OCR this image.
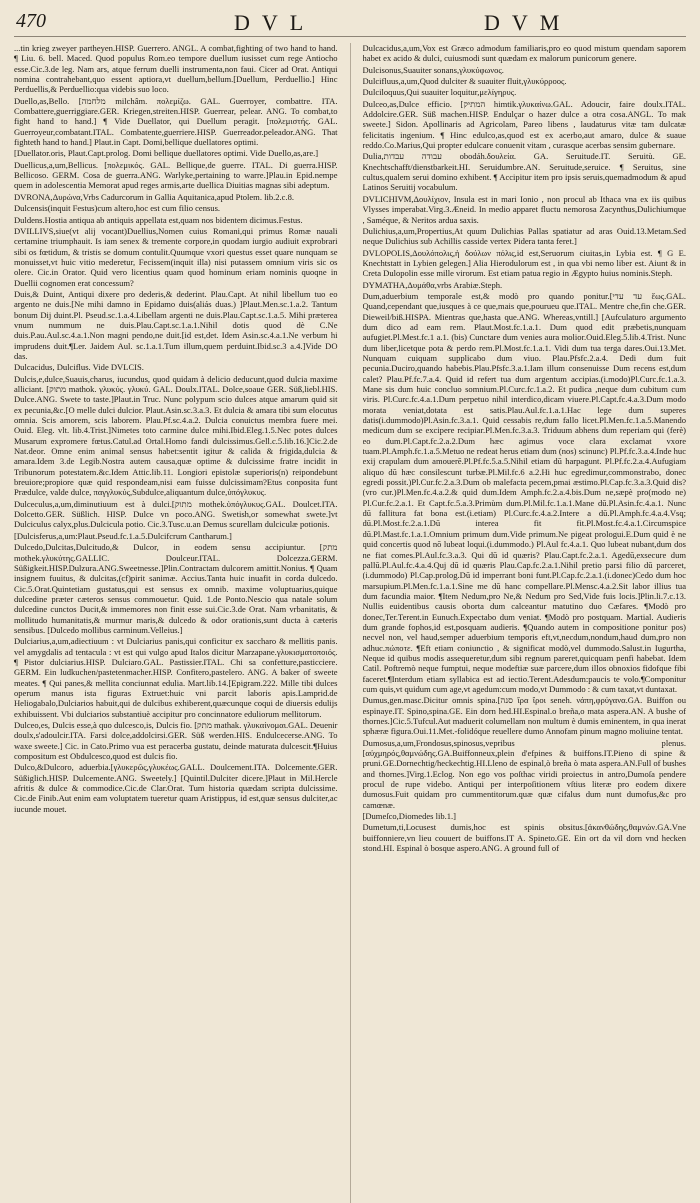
470	DVL	DVM

...tin krieg zweyer partheyen.HISP. Guerrero. ANGL. A combat,fighting of two hand to hand. ¶ Liu. 6. bell. Maced. Quod populus Rom.eo tempore duellum iusisset cum rege Antiocho esse.Cic.3.de leg. Nam ars, atque ferrum duelli instrumenta,non faui. Cicer ad Orat. Antiqui nomina contrahebant,quo essent aptiora,vt duellum,bellum.[Duellum, Perduellio.] Hinc Perduellis,& Perduellio:qua videbis suo loco.

Duello,as,Bello. [מלחמה milchâm. πολεμίζω. GAL. Guerroyer, combattre. ITA. Combattere,guerriggiare.GER. Kriegen,streiten.HISP. Guerrear, pelear. ANG. To combat,to fight hand to hand.] ¶ Vide Duellator, qui Duellum peragit. [πολεμιστής. GAL. Guerroyeur,combatant.ITAL. Combatente,guerriere.HISP. Guerreador.peleador.ANG. That fighteth hand to hand.] Plaut.in Capt. Domi,bellique duellatores optimi.

[Duellator.oris, Plaut.Capt.prolog. Domi bellique duellatores optimi. Vide Duello,as,are.]

Duellicus,a,um,Bellicus. [πολεμικός. GAL. Bellique,de guerre. ITAL. Di guerra.HISP. Bellicoso. GERM. Cosa de guerra.ANG. Warlyke,pertaining to warre.]Plau.in Epid.nempe quem in adolescentia Memorat apud reges armis,arte duellica Diuitias magnas sibi adeptum.

DVRONA,Δυρώνα,Vrbs Cadurcorum in Gallia Aquitanica,apud Ptolem. lib.2.c.8.

Dulcensis(inquit Festus)cum altero,hoc est cum filio census.

Duldens.Hostia antiqua ab antiquis appellata est,quam nos bidentem dicimus.Festus.

DVILLIVS,siue(vt alij vocant)Duellius,Nomen cuius Romani,qui primus Romæ nauali certamine triumphauit. Is iam senex & tremente corpore,in quodam iurgio audiuit exprobrari sibi os fœtidum, & tristis se domum contulit.Quumque vxori questus esset quare nunquam se monuisset,vt huic vitio mederetur, Fecissem(inquit illa) nisi putassem omnium viris sic os olere. Cic.in Orator. Quid vero licentius quam quod hominum eriam nominis quoqne in Duellii cognomen erat concessum?

Duis,& Duint, Antiqui dixere pro dederis,& dederint. Plau.Capt. At nihil libellum tuo eo argento ne duis.[Ne mihi damno in Epidamo duis(aliás duas.) ]Plaut.Men.sc.1.a.2. Tantum bonum Dij duint.Pl. Pseud.sc.1.a.4.Libellam argenti ne duis.Plau.Capt.sc.1.a.5. Mihi præterea vnum nummum ne duis.Plau.Capt.sc.1.a.1.Nihil dotis quod dè C.Ne duis.P.au.Aul.sc.4.a.1.Non magni pendo,ne duit.[id est,det. Idem Asin.sc.4.a.1.Ne verbum hi imprudens duit.¶Ler. Jaidem Aul. sc.1.a.1.Tum illum,quem perduint.Ibid.sc.3 a.4.]Vide DO das.

Dulcacidus, Dulciflus. Vide DVLCIS.

Dulcis,e,dulce,Suauis,charus, iucundus, quod quidam à delicio deducunt,quod dulcia maxime alliciant. [מתוק mathok. γλυκύς. γλυκύ. GAL. Doulx.ITAL. Dolce,soaue GER. Süß,liebl.HIS. Dulce.ANG. Swete to taste.]Plaut.in Truc. Nunc polypum scio dulces atque amarum quid sit ex pecunia,&c.[O melle dulci dulcior. Plaut.Asin.sc.3.a.3. Et dulcia & amara tibi sum elocutus omnia. Scis amorem, scis laborem. Plau.Pf.sc.4.a.2. Dulcia conuictus membra fuere mei. Ouid. Eleg. vlt. lib.4.Trist.]Nimetes toto carmine dulce mihi.Ibid.Eleg.1.5.Nec potes dulces Musarum expromere fœtus.Catul.ad Ortal.Homo fandi dulcissimus.Gell.c.5.lib.16.]Cic.2.de Nat.deor. Omne enim animal sensus habet:sentit igitur & calida & frigida,dulcia & amara.Idem 3.de Legib.Nostra autem causa,quæ optime & dulcissime fratre incidit in Tribunorum potestatem.&c.Idem Attic.lib.11. Longiori epistolæ superioris(n) reipondebunt breuiore;propiore quæ quid respondeam,nisi eam fuisse dulcissimam?Etus conposita funt Prædulce, valde dulce, παγγλυκύς,Subdulce,aliquantum dulce,ὑπόγλυκυς.

Dulceculus,a,um,diminutiuum est à dulci.[מתוק mothek.ὑπόγλυκυς.GAL. Doulcet.ITA. Dolcetto.GER. Süßlich. HISP. Dulce vn poco.ANG. Swetish,or somewhat swete.]vt Dulciculus calyx,plus.Dulcicula potio. Cic.3.Tusc.u.an Demus scurellam dulciculæ potionis.

[Dulcisferus,a,um:Plaut.Pseud.fc.1.a.5.Dulcifcrum Cantharum.]

Dulcedo,Dulcitas,Dulcitudo,& Dulcor, in eodem sensu accipiuntur. [מתק mothek.γλυκύτης.GALLIC. Doulceur.ITAL. Dolcezza.GERM. Süßigkeit.HISP.Dulzura.ANG.Sweetnesse.]Plin.Contractam dulcorem amittit.Nonius. ¶ Quam insignem fuuitus, & dulcitas,(cf)pirit sanimæ. Accius.Tanta huic inuafit in corda dulcedo. Cic.5.Orat.Quintetiam gustatus,qui est sensus ex omnib. maxime voluptuarius,quique dulcedine præter cæteros sensus commouetur. Quid. 1.de Ponto.Nescio qua natale solum dulcedine cunctos Ducit,& immemores non finit esse sui.Cic.3.de Orat. Nam vrbanitatis, & mollitudo humanitatis,& murmur maris,& dulcedo & odor orationis,sunt ducta à cæteris sensibus. [Dulcedo mollibus carminum.Velleius.]

Dulciarius,a,um,adiectiuum : vt Dulciarius panis,qui conficitur ex saccharo & mellitis panis. vel amygdalis ad tentacula : vt est qui vulgo apud Italos dicitur Marzapane.γλυκισματοποιός. ¶ Pistor dulciarius.HISP. Dulciaro.GAL. Pastissier.ITAL. Chi sa confetture,pasticciere. GERM. Ein ludkuchen/pastetenmacher.HISP. Confitero,pastelero. ANG. A baker of sweete meates. ¶ Qui panes,& mellita conciunnat edulia. Mart.lib.14.[Epigram.222. Mille tibi dulces operum manus ista figuras Extruet:huic vni parcit laboris apis.Lamprid.de Heliogabalo,Dulciarios habuit,qui de dulcibus exhiberent,quæcunque coqui de diuersis edulijs exhibuissent. Vbi dulciarios substantiuè accipitur pro concinnatore eduliorum mellitorum.

Dulceo,es, Dulcis esse,à quo dulcesco,is, Dulcis fio. [מתק mathak. γλυκαίνομαι.GAL. Deuenir doulx,s'adoulcir.ITA. Farsi dolce,addolcirsi.GER. Süß werden.HIS. Endulcecerse.ANG. To waxe sweete.] Cic. in Cato.Primo vua est peracerba gustatu, deinde maturata dulcescit.¶Huius compositum est Obdulcesco,quod est dulcis fio.

Dulco,&Dulcoro, aduerbia.[γλυκερῶς,γλυκέως.GALL. Doulcement.ITA. Dolcemente.GER. Süßiglich.HISP. Dulcemente.ANG. Sweetely.] [Quintil.Dulciter dicere.]Plaut in Mil.Hercle afritis & dulce & commodice.Cic.de Clar.Orat. Tum historia quædam scripta dulcissime. Cic.de Finib.Aut enim eam voluptatem tueretur quam Aristippus, id est,quæ sensus dulciter,ac iucunde mouet.

Dulcacidus,a,um,Vox est Græco admodum familiaris,pro eo quod mistum quendam saporem habet ex acido & dulci, cuiusmodi sunt quædam ex malorum punicorum genere.

Dulcisonus,Suauiter sonans,γλυκύφωνος.

Dulcifluus,a,um,Quod dulciter & suauiter fluit,γλυκύρροος.

Dulciloquus,Qui suauiter loquitur,μελίγηρυς.

Dulceo,as,Dulce efficio. [המתיק himtik.γλυκαίνω.GAL. Adoucir, faire doulx.ITAL. Addolcire.GER. Süß machen.HISP. Endulçar o hazer dulce a otra cosa.ANGL. To mak sweete.] Sidon. Apollinaris ad Agricolam, Pareo libens , laudaturus vitæ tam dulcatæ felicitatis ingenium. ¶ Hinc edulco,as,quod est ex acerbo,aut amaro, dulce & suaue reddo.Co.Marius,Qui propter edulcare conuenit vitam , curasque acerbas sensim gubernare.

Dulia,עבודה עבדות obodáh.δουλεία. GA. Seruitude.IT. Seruitù. GE. Knechtschafft/dienstbarkeit.HI. Seruidumbre.AN. Seruitude,seruice. ¶ Seruitus, sine cultus,qualem serui domino exhibent. ¶ Accipitur item pro ipsis seruis,quemadmodum & apud Latinos Seruitij vocabulum.

DVLICHIVM,Δουλίχιον, Insula est in mari Ionio , non procul ab Ithaca vna ex iis quibus Vlysses imperabat.Virg.3.Æneid. In medio apparet fluctu nemorosa Zacynthus,Dulichiumque , Saméque, & Neritos ardua saxis.

Dulichius,a,um,Propertius,At quum Dulichias Pallas spatiatur ad aras Ouid.13.Metam.Sed neque Dulichius sub Achillis casside vertex Pidera tanta feret.]

DVLOPOLIS,Δουλόπολις,ἡ δούλων πόλις,id est,Seruorum ciuitas,in Lybia est. ¶ G E. Knechtstatt in Lybien gelegen.] Alia Hierodulorum est , in qua vbi nemo liber est. Aiunt & in Creta Dulopolin esse mille virorum. Est etiam patua regio in Ægypto huius nominis.Steph.

DYMATHA,Δυμάθα,vrbs Arabiæ.Steph.

Dum,aduerbium temporale est,& modò pro quando ponitur.[עד עדי ἕως.GAL. Quand,cependant que,iusques à ce que,mais que,pourueu que.ITAL. Mentre che,fin che.GER. Dieweil/biß.HISPA. Mientras que,hasta que.ANG. Whereas,vntill.] [Aufculaturo argumento dum dico ad eam rem. Plaut.Most.fc.1.a.1. Dum quod edit præbetis,nunquam aufugiet.Pl.Mest.fc.1 a.1. (bis) Cunctare dum venies aura molior.Ouid.Eleg.5.lib.4.Trist. Nunc dum liber,licetque pota & perdo rem.Pl.Most.fc.1.a.1. Vidi dum tua terga dares.Oui.13.Met. Nunquam cuiquam supplicabo dum viuo. Plau.Pfsfc.2.a.4. Dedi dum fuit pecunia.Duciro,quando habebis.Plau.Pfsfc.3.a.1.Iam illum consenuisse Dum recens est,dum calet? Plau.Pf.fc.7.a.4. Quid id refert tua dum argentum accipias.(i.modo)Pl.Curc.fc.1.a.3. Mane sis dum huic concluo somnium.Pl.Curc.fc.1.a.2. Et pudica ,neque dum cubitum cum viris. Pl.Curc.fc.4.a.1.Dum perpetuo nihil interdico,dicam viuere.Pl.Capt.fc.4.a.3.Dum modo morata veniat,dotata est satis.Plau.Aul.fc.1.a.1.Hac lege dum superes datis(i.dummodo)Pl.Asin.fc.3.a.1. Quid cessabis re,dum fallo licet.Pl.Men.fc.1.a.5.Manendo medicum dum se excipere recipiar.Pl.Men.fc.3.a.3. Triduum abhens dum reperiam qui (ferè) eo dum.Pl.Capt.fc.2.a.2.Dum hæc agimus voce clara exclamat vxore tuam.Pl.Amph.fc.1.a.5.Metuo ne redeat herus etiam dum (nos) scinunc) Pl.Pf.fc.3.a.4.Inde huc exij crapulam dum amouerē.Pl.Pf.fc.5.a.5.Nihil etiam dū harpagunt. Pl.Pf.fc.2.a.4.Aufugiam aliquo dū hæc consilescunt turbæ.Pl.Mil.fc.6 a.2.Hi huc egredimur,commonstrabo, donec egredi possit.)Pl.Cur.fc.2.a.3.Dum ob malefacta pecem,pmai æstimo.Pl.Cap.fc.3.a.3.Quid dis? (vro cur.)Pl.Men.fc.4.a.2.& quid dum.Idem Amph.fc.2.a.4.bis.Dum ne,sæpè pro(modo ne) Pl.Cur.fc.2.a.1. Et Capt.fc.5.a.3.Primùm dum.Pl.Mil.fc.1.a.1.Mane dū.Pl.Asin.fc.4.a.1. Nunc dū fallitura fat bona est.(i.etiam) Pl.Curc.fc.4.a.2.Intere a dū.Pl.Amph.fc.4.a.4.Vsq; dū.Pl.Most.fc.2.a.1.Dū interea fit fit.Pl.Most.fc.4.a.1.Circumspice dū.Pl.Mast.fc.1.a.1.Omnium primum dum.Vide primum.Ne pigeat prologui.E.Dum quid è ne quid concertis quod nō lubeat loqui.(i.dummodo.) Pl.Aul fc.4.a.1. Quo lubeat nubant,dum dos ne fiat comes.Pl.Aul.fc.3.a.3. Qui dū id quæris? Plau.Capt.fc.2.a.1. Agedū,exsecure dum pallū.Pl.Aul.fc.4.a.4.Quj dū id quæris Plau.Cap.fc.2.a.1.Nihil pretio parsi filio dū parceret,(i.dummodo) Pl.Cap.prolog.Dū id imperrant boni funt.Pl.Cap.fc.2.a.1.(i.donec)Cedo dum hoc marsupium.Pl.Men.fc.1.a.1.Sine me dū hanc compellare.Pl.Mensc.4.a.2.Sit labor illius tua dum facundia maior. ¶Item Nedum,pro Ne,& Nedum pro Sed,Vide fuis locis.]Plin.li.7.c.13. Nullis euidentibus causis oborta dum calceantur matutino duo Cæfares. ¶Modò pro donec,Ter.Terent.in Eunuch.Expectabo dum veniat. ¶Modò pro postquam. Martial. Audieris dum grande fophos,id est,posquam audieris. ¶Quando autem in compositione ponitur pos) necvel non, vel haud,semper aduerbium temporis eft,vt,necdum,nondum,haud dum,pro non adhuc.πώποτε. ¶Eft etiam coniunctio , & significat modò,vel dummodo.Salust.in Iugurtha, Neque id quibus modis assequeretur,dum sibi regnum pareret,quicquam penfi habebat. Idem Catil. Poftremò neque fumptui, neque modeftiæ suæ parcere,dum illos obnoxios fidofque fibi faceret.¶Interdum etiam syllabica est ad iectio.Terent.Adesdum:paucis te volo.¶Componitur cum quis,vt quidum cum age,vt agedum:cum modo,vt Dummodo : & cum taxat,vt duntaxat.

Dumus,gen.masc.Dicitur omnis spina.[סנה ἴρα ἴροι seneh. νάπη,φρύγανα.GA. Buiffon ou espinaye.IT. Spino,spina.GE. Ein dorn hed.HI.Espinal.o breña,o mata aspera.AN. A bushe of thornes.]Cic.5.Tufcul.Aut maduerit columellam non multum è dumis eminentem, in qua inerat sphæræ figura.Oui.11.Met.-folidóque reuellere dumo Annofam pinum magno moliuine tentat.

Dumosus,a,um,Frondosus,spinosus,vepribus plenus.[αὐχμηρός,θαμνώδης.GA.Buiffonneux,plein d'efpines & buiffons.IT.Pieno di spine & pruni.GE.Dornechtig/heckechtig.HI.Lleno de espinal,ò breña ò mata aspera.AN.Full of bushes and thornes.]Virg.1.Eclog. Non ego vos poſthac viridi proiectus in antro,Dumoſa pendere procul de rupe videbo. Antiqui per interpoſitionem vſtius literæ pro eodem dixere dumosus.Fuit quidam pro cummentitorum.quæ quæ cifalus dum nunt dumofus,&c pro camœnæ.

[Dumeſco,Diomedes lib.1.]

Dumetum,ti,Locusest dumis,hoc est spinis obsitus.[ἀκανθώδης,θαμνών.GA.Vne buiffonniere,vn lieu couuert de buiffons.IT A. Spineto.GE. Ein ort da vil dorn vnd hecken stond.HI. Espinal ò bosque aspero.ANG. A ground full of
